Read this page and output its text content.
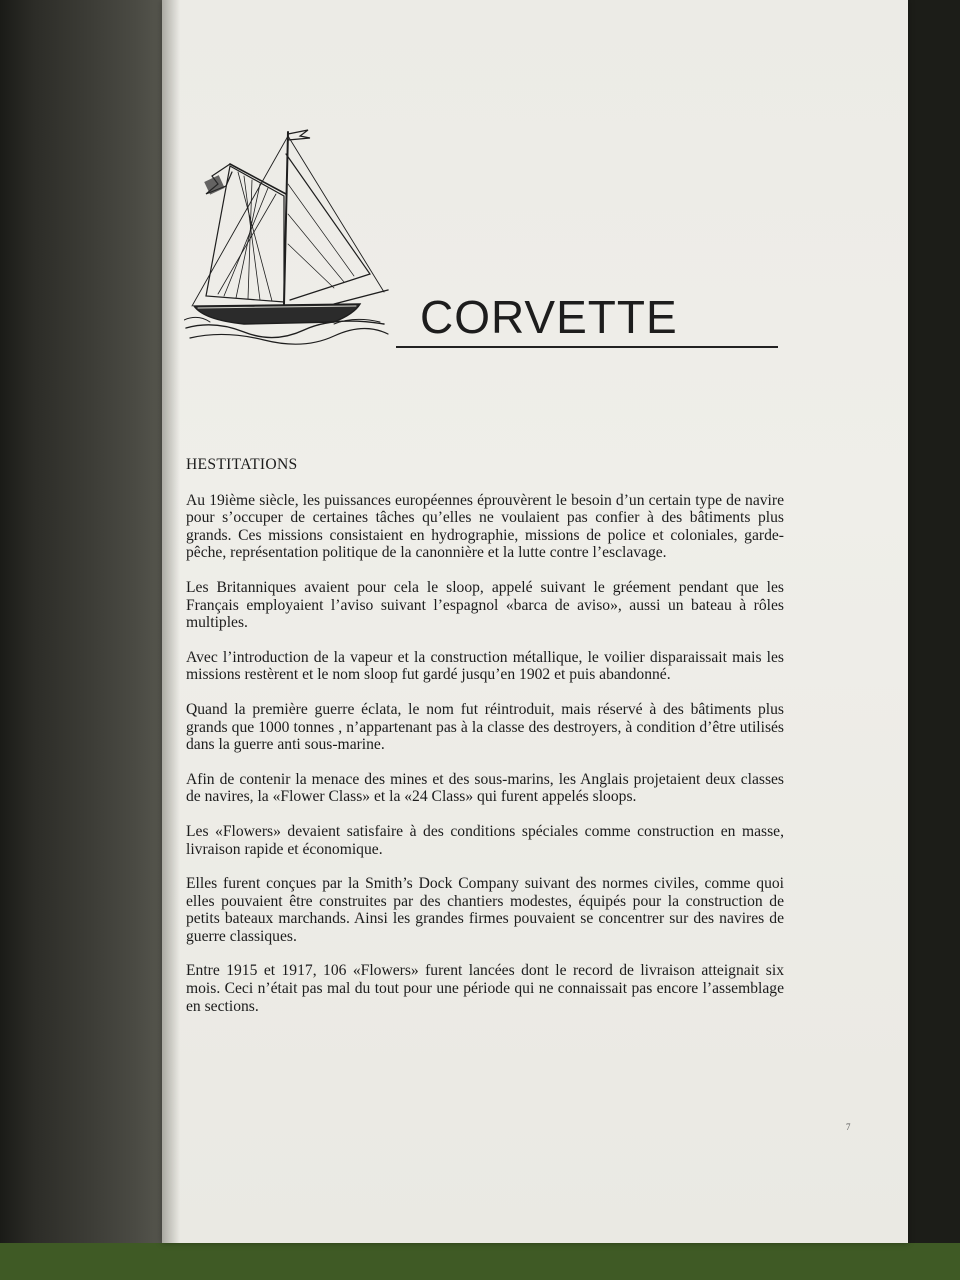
CORVETTE
HESTITATIONS

Au 19ième siècle, les puissances européennes éprouvèrent le besoin d’un certain type de navire pour s’occuper de certaines tâches qu’elles ne voulaient pas confier à des bâtiments plus grands. Ces missions consistaient en hydrographie, missions de police et coloniales, garde-pêche, représentation politique de la canonnière et la lutte contre l’esclavage.

Les Britanniques avaient pour cela le sloop, appelé suivant le gréement pendant que les Français employaient l’aviso suivant l’espagnol «barca de aviso», aussi un bateau à rôles multiples.

Avec l’introduction de la vapeur et la construction métallique, le voilier disparaissait mais les missions restèrent et le nom sloop fut gardé jusqu’en 1902 et puis abandonné.

Quand la première guerre éclata, le nom fut réintroduit, mais réservé à des bâtiments plus grands que 1000 tonnes , n’appartenant pas à la classe des destroyers, à condition d’être utilisés dans la guerre anti sous-marine.

Afin de contenir la menace des mines et des sous-marins, les Anglais projetaient deux classes de navires, la «Flower Class» et la «24 Class» qui furent appelés sloops.

Les «Flowers» devaient satisfaire à des conditions spéciales comme construction en masse, livraison rapide et économique.

Elles furent conçues par la Smith’s Dock Company suivant des normes civiles, comme quoi elles pouvaient être construites par des chantiers modestes, équipés pour la construction de petits bateaux marchands. Ainsi les grandes firmes pouvaient se concentrer sur des navires de guerre classiques.

Entre 1915 et 1917, 106 «Flowers» furent lancées dont le record de livraison atteignait six mois. Ceci n’était pas mal du tout pour une période qui ne connaissait pas encore l’assemblage en sections.

7
